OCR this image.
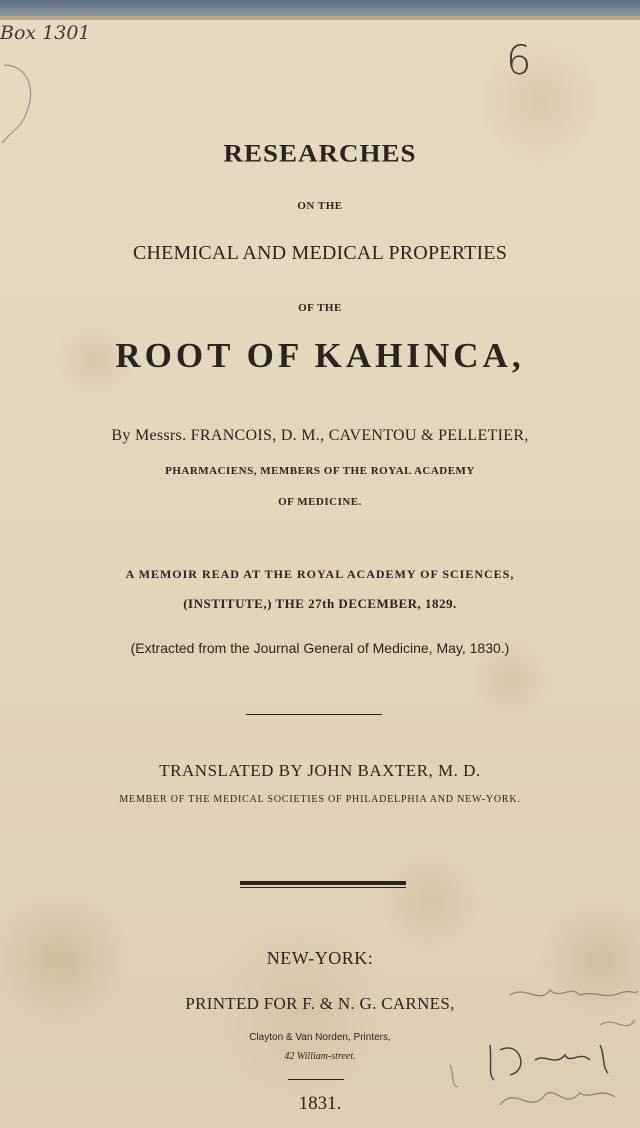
Box 1301
6

RESEARCHES

ON THE

CHEMICAL AND MEDICAL PROPERTIES

OF THE

ROOT OF KAHINCA,

By Messrs. FRANCOIS, D. M., CAVENTOU & PELLETIER,

PHARMACIENS, MEMBERS OF THE ROYAL ACADEMY

OF MEDICINE.

A MEMOIR READ AT THE ROYAL ACADEMY OF SCIENCES,

(INSTITUTE,) THE 27th DECEMBER, 1829.

(Extracted from the Journal General of Medicine, May, 1830.)

TRANSLATED BY JOHN BAXTER, M. D.

MEMBER OF THE MEDICAL SOCIETIES OF PHILADELPHIA AND NEW-YORK.

NEW-YORK:

PRINTED FOR F. & N. G. CARNES,

Clayton & Van Norden, Printers,

42 William-street.

1831.
